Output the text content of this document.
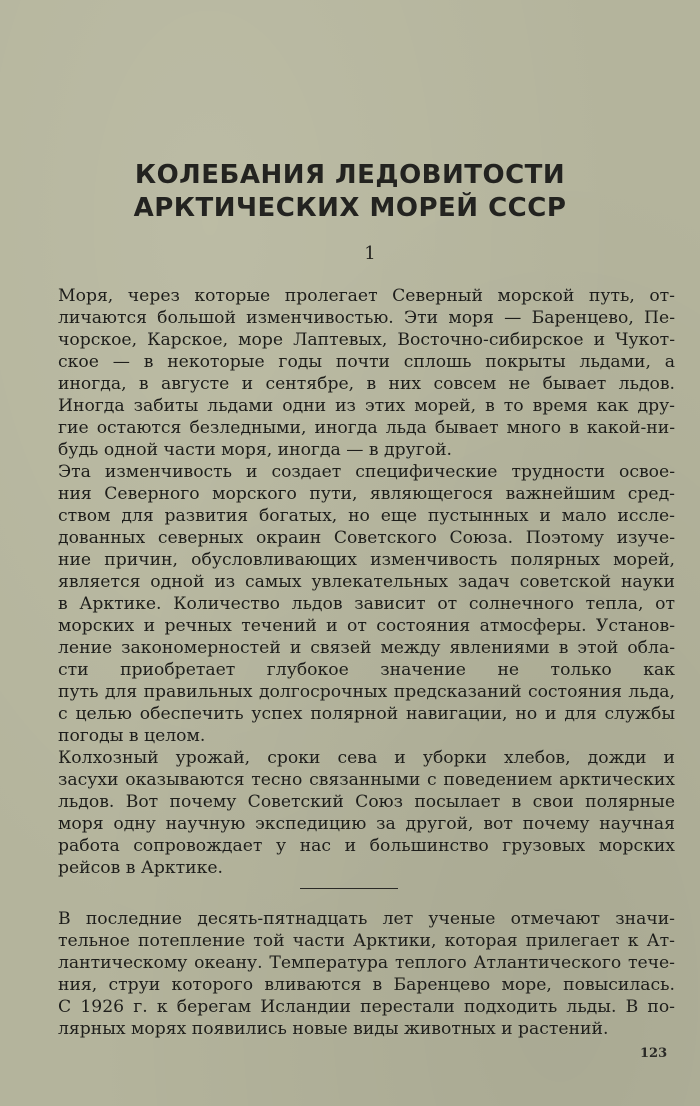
КОЛЕБАНИЯ ЛЕДОВИТОСТИ
АРКТИЧЕСКИХ МОРЕЙ СССР
1
Моря, через которые пролегает Северный морской путь, от-
личаются большой изменчивостью. Эти моря — Баренцево, Пе-
чорское, Карское, море Лаптевых, Восточно-сибирское и Чукот-
ское — в некоторые годы почти сплошь покрыты льдами, а
иногда, в августе и сентябре, в них совсем не бывает льдов.
Иногда забиты льдами одни из этих морей, в то время как дру-
гие остаются безледными, иногда льда бывает много в какой-ни-
будь одной части моря, иногда — в другой.
Эта изменчивость и создает специфические трудности освое-
ния Северного морского пути, являющегося важнейшим сред-
ством для развития богатых, но еще пустынных и мало иссле-
дованных северных окраин Советского Союза. Поэтому изуче-
ние причин, обусловливающих изменчивость полярных морей,
является одной из самых увлекательных задач советской науки
в Арктике. Количество льдов зависит от солнечного тепла, от
морских и речных течений и от состояния атмосферы. Установ-
ление закономерностей и связей между явлениями в этой обла-
сти приобретает глубокое значение не только как
путь для правильных долгосрочных предсказаний состояния льда,
с целью обеспечить успех полярной навигации, но и для службы
погоды в целом.
Колхозный урожай, сроки сева и уборки хлебов, дожди и
засухи оказываются тесно связанными с поведением арктических
льдов. Вот почему Советский Союз посылает в свои полярные
моря одну научную экспедицию за другой, вот почему научная
работа сопровождает у нас и большинство грузовых морских
рейсов в Арктике.
В последние десять-пятнадцать лет ученые отмечают значи-
тельное потепление той части Арктики, которая прилегает к Ат-
лантическому океану. Температура теплого Атлантического тече-
ния, струи которого вливаются в Баренцево море, повысилась.
С 1926 г. к берегам Исландии перестали подходить льды. В по-
лярных морях появились новые виды животных и растений.
123
